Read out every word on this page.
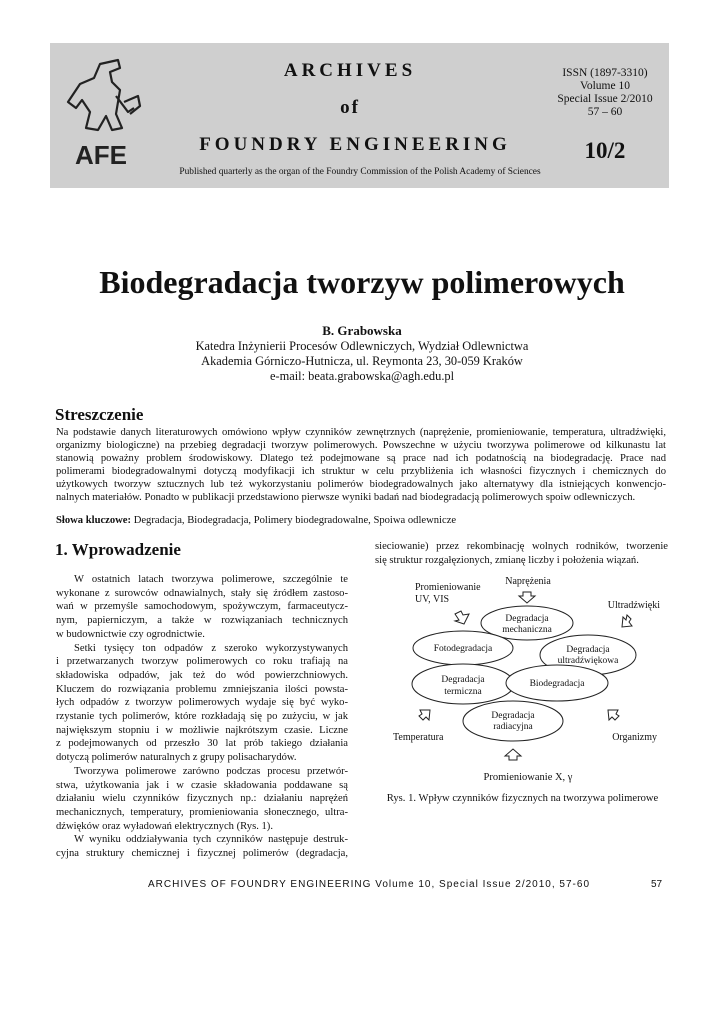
AFE
ARCHIVES
of
FOUNDRY ENGINEERING
Published quarterly as the organ of the Foundry Commission of the Polish Academy of Sciences
ISSN (1897-3310)
Volume 10
Special Issue 2/2010
57 – 60
10/2
Biodegradacja tworzyw polimerowych
B. Grabowska
Katedra Inżynierii Procesów Odlewniczych, Wydział Odlewnictwa
Akademia Górniczo-Hutnicza, ul. Reymonta 23, 30-059 Kraków
e-mail: beata.grabowska@agh.edu.pl
Streszczenie
Na podstawie danych literaturowych omówiono wpływ czynników zewnętrznych (naprężenie, promieniowanie, temperatura, ultradźwięki,
organizmy biologiczne) na przebieg degradacji tworzyw polimerowych. Powszechne w użyciu tworzywa polimerowe od kilkunastu lat
stanowią poważny problem środowiskowy. Dlatego też podejmowane są prace nad ich podatnością na biodegradację. Prace nad
polimerami biodegradowalnymi dotyczą modyfikacji ich struktur w celu przybliżenia ich własności fizycznych i chemicznych do
użytkowych tworzyw sztucznych lub też wykorzystaniu polimerów biodegradowalnych jako alternatywy dla istniejących konwencjo-
nalnych materiałów. Ponadto w publikacji przedstawiono pierwsze wyniki badań nad biodegradacją polimerowych spoiw odlewniczych.
Słowa kluczowe: Degradacja, Biodegradacja, Polimery biodegradowalne, Spoiwa odlewnicze
1. Wprowadzenie
W ostatnich latach tworzywa polimerowe, szczególnie te
wykonane z surowców odnawialnych, stały się źródłem zastoso-
wań w przemyśle samochodowym, spożywczym, farmaceutycz-
nym, papierniczym, a także w rozwiązaniach technicznych
w budownictwie czy ogrodnictwie.
Setki tysięcy ton odpadów z szeroko wykorzystywanych
i przetwarzanych tworzyw polimerowych co roku trafiają na
składowiska odpadów, jak też do wód powierzchniowych.
Kluczem do rozwiązania problemu zmniejszania ilości powsta-
łych odpadów z tworzyw polimerowych wydaje się być wyko-
rzystanie tych polimerów, które rozkładają się po zużyciu, w jak
największym stopniu i w możliwie najkrótszym czasie. Liczne
z podejmowanych od przeszło 30 lat prób takiego działania
dotyczą polimerów naturalnych z grupy polisacharydów.
Tworzywa polimerowe zarówno podczas procesu przetwór-
stwa, użytkowania jak i w czasie składowania poddawane są
działaniu wielu czynników fizycznych np.: działaniu naprężeń
mechanicznych, temperatury, promieniowania słonecznego, ultra-
dźwięków oraz wyładowań elektrycznych (Rys. 1).
W wyniku oddziaływania tych czynników następuje destruk-
cyjna struktury chemicznej i fizycznej polimerów (degradacja,
sieciowanie) przez rekombinację wolnych rodników, tworzenie
się struktur rozgałęzionych, zmianę liczby i położenia wiązań.
Naprężenia
Promieniowanie
UV, VIS
Ultradźwięki
Temperatura	Organizmy
Promieniowanie X, γ
Degradacja
mechaniczna
Fotodegradacja	Degradacja
ultradźwiękowa
Degradacja
termiczna
Biodegradacja
Degradacja
radiacyjna
Rys. 1. Wpływ czynników fizycznych na tworzywa polimerowe
ARCHIVES OF FOUNDRY ENGINEERING Volume 10, Special Issue 2/2010, 57-60	57
